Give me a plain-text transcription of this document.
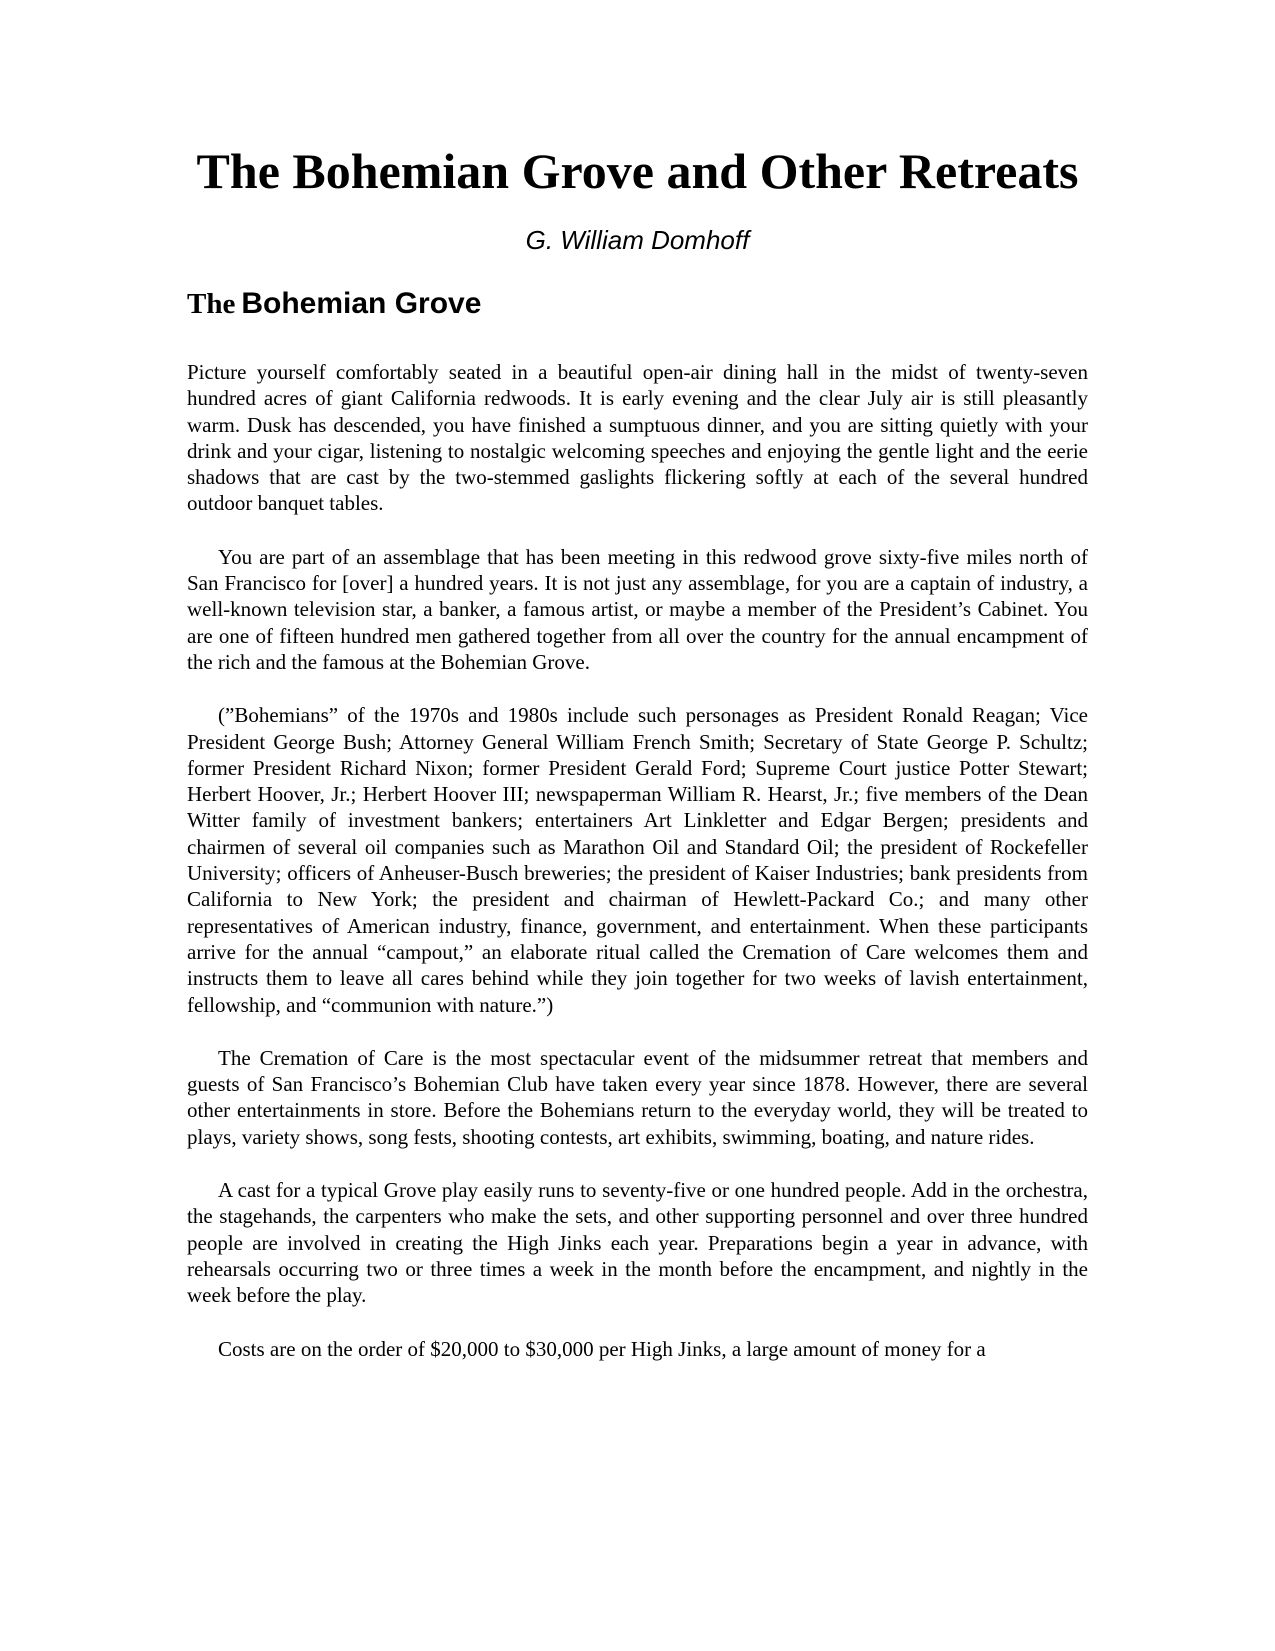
The Bohemian Grove and Other Retreats
G. William Domhoff
The Bohemian Grove

Picture yourself comfortably seated in a beautiful open-air dining hall in the midst of twenty-seven hundred acres of giant California redwoods. It is early evening and the clear July air is still pleasantly warm. Dusk has descended, you have finished a sumptuous dinner, and you are sitting quietly with your drink and your cigar, listening to nostalgic welcoming speeches and enjoying the gentle light and the eerie shadows that are cast by the two-stemmed gaslights flickering softly at each of the several hundred outdoor banquet tables.

You are part of an assemblage that has been meeting in this redwood grove sixty-five miles north of San Francisco for [over] a hundred years. It is not just any assemblage, for you are a captain of industry, a well-known television star, a banker, a famous artist, or maybe a member of the President’s Cabinet. You are one of fifteen hundred men gathered together from all over the country for the annual encampment of the rich and the famous at the Bohemian Grove.

(”Bohemians” of the 1970s and 1980s include such personages as President Ronald Reagan; Vice President George Bush; Attorney General William French Smith; Secretary of State George P. Schultz; former President Richard Nixon; former President Gerald Ford; Supreme Court justice Potter Stewart; Herbert Hoover, Jr.; Herbert Hoover III; newspaperman William R. Hearst, Jr.; five members of the Dean Witter family of investment bankers; entertainers Art Linkletter and Edgar Bergen; presidents and chairmen of several oil companies such as Marathon Oil and Standard Oil; the president of Rockefeller University; officers of Anheuser-Busch breweries; the president of Kaiser Industries; bank presidents from California to New York; the president and chairman of Hewlett-Packard Co.; and many other representatives of American industry, finance, government, and entertainment. When these participants arrive for the annual “campout,” an elaborate ritual called the Cremation of Care welcomes them and instructs them to leave all cares behind while they join together for two weeks of lavish entertainment, fellowship, and “communion with nature.”)

The Cremation of Care is the most spectacular event of the midsummer retreat that members and guests of San Francisco’s Bohemian Club have taken every year since 1878. However, there are several other entertainments in store. Before the Bohemians return to the everyday world, they will be treated to plays, variety shows, song fests, shooting contests, art exhibits, swimming, boating, and nature rides.

A cast for a typical Grove play easily runs to seventy-five or one hundred people. Add in the orchestra, the stagehands, the carpenters who make the sets, and other supporting personnel and over three hundred people are involved in creating the High Jinks each year. Preparations begin a year in advance, with rehearsals occurring two or three times a week in the month before the encampment, and nightly in the week before the play.

Costs are on the order of $20,000 to $30,000 per High Jinks, a large amount of money for a
